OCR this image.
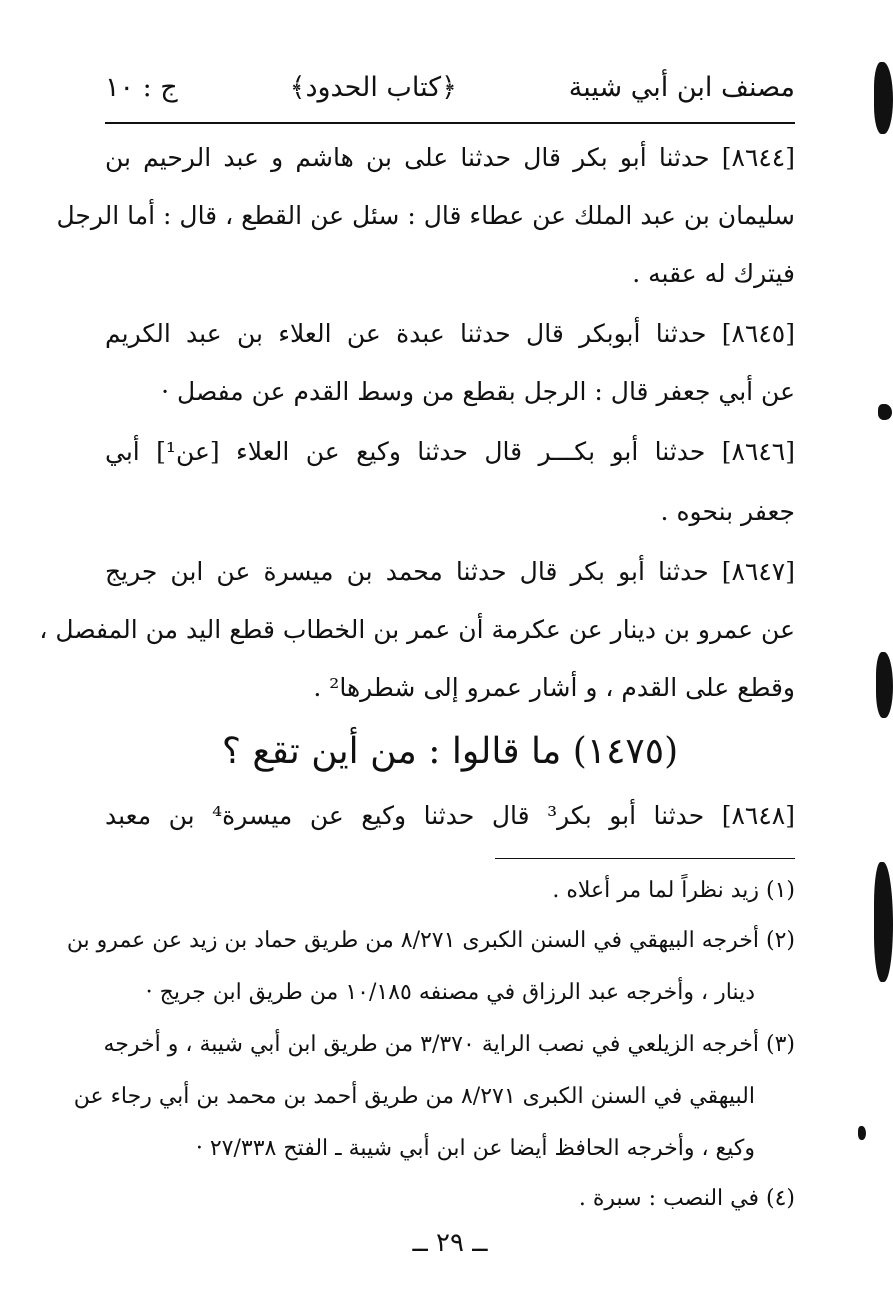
مصنف ابن أبي شيبة
﴿كتاب الحدود﴾
ج : ١٠
[٨٦٤٤] حدثنا أبو بكر قال حدثنا على بن هاشم و عبد الرحيم بن
سليمان بن عبد الملك عن عطاء قال : سئل عن القطع ، قال : أما الرجل
فيترك له عقبه .
[٨٦٤٥] حدثنا أبوبكر قال حدثنا عبدة عن العلاء بن عبد الكريم
عن أبي جعفر قال : الرجل بقطع من وسط القدم عن مفصل ·
[٨٦٤٦] حدثنا أبو بكـــر قال حدثنا وكيع عن العلاء [عن¹] أبي
جعفر بنحوه .
[٨٦٤٧] حدثنا أبو بكر قال حدثنا محمد بن ميسرة عن ابن جريج
عن عمرو بن دينار عن عكرمة أن عمر بن الخطاب قطع اليد من المفصل ،
وقطع على القدم ، و أشار عمرو إلى شطرها² .
(١٤٧٥) ما قالوا : من أين تقع ؟
[٨٦٤٨] حدثنا أبو بكر³ قال حدثنا وكيع عن ميسرة⁴ بن معبد
(١) زيد نظراً لما مر أعلاه .
(٢) أخرجه البيهقي في السنن الكبرى ٨/٢٧١ من طريق حماد بن زيد عن عمرو بن
دينار ، وأخرجه عبد الرزاق في مصنفه ١٠/١٨٥ من طريق ابن جريج ·
(٣) أخرجه الزيلعي في نصب الراية ٣/٣٧٠ من طريق ابن أبي شيبة ، و أخرجه
البيهقي في السنن الكبرى ٨/٢٧١ من طريق أحمد بن محمد بن أبي رجاء عن
وكيع ، وأخرجه الحافظ أيضا عن ابن أبي شيبة ـ الفتح ٢٧/٣٣٨ ·
(٤) في النصب : سبرة .
ــ ٢٩ ــ
